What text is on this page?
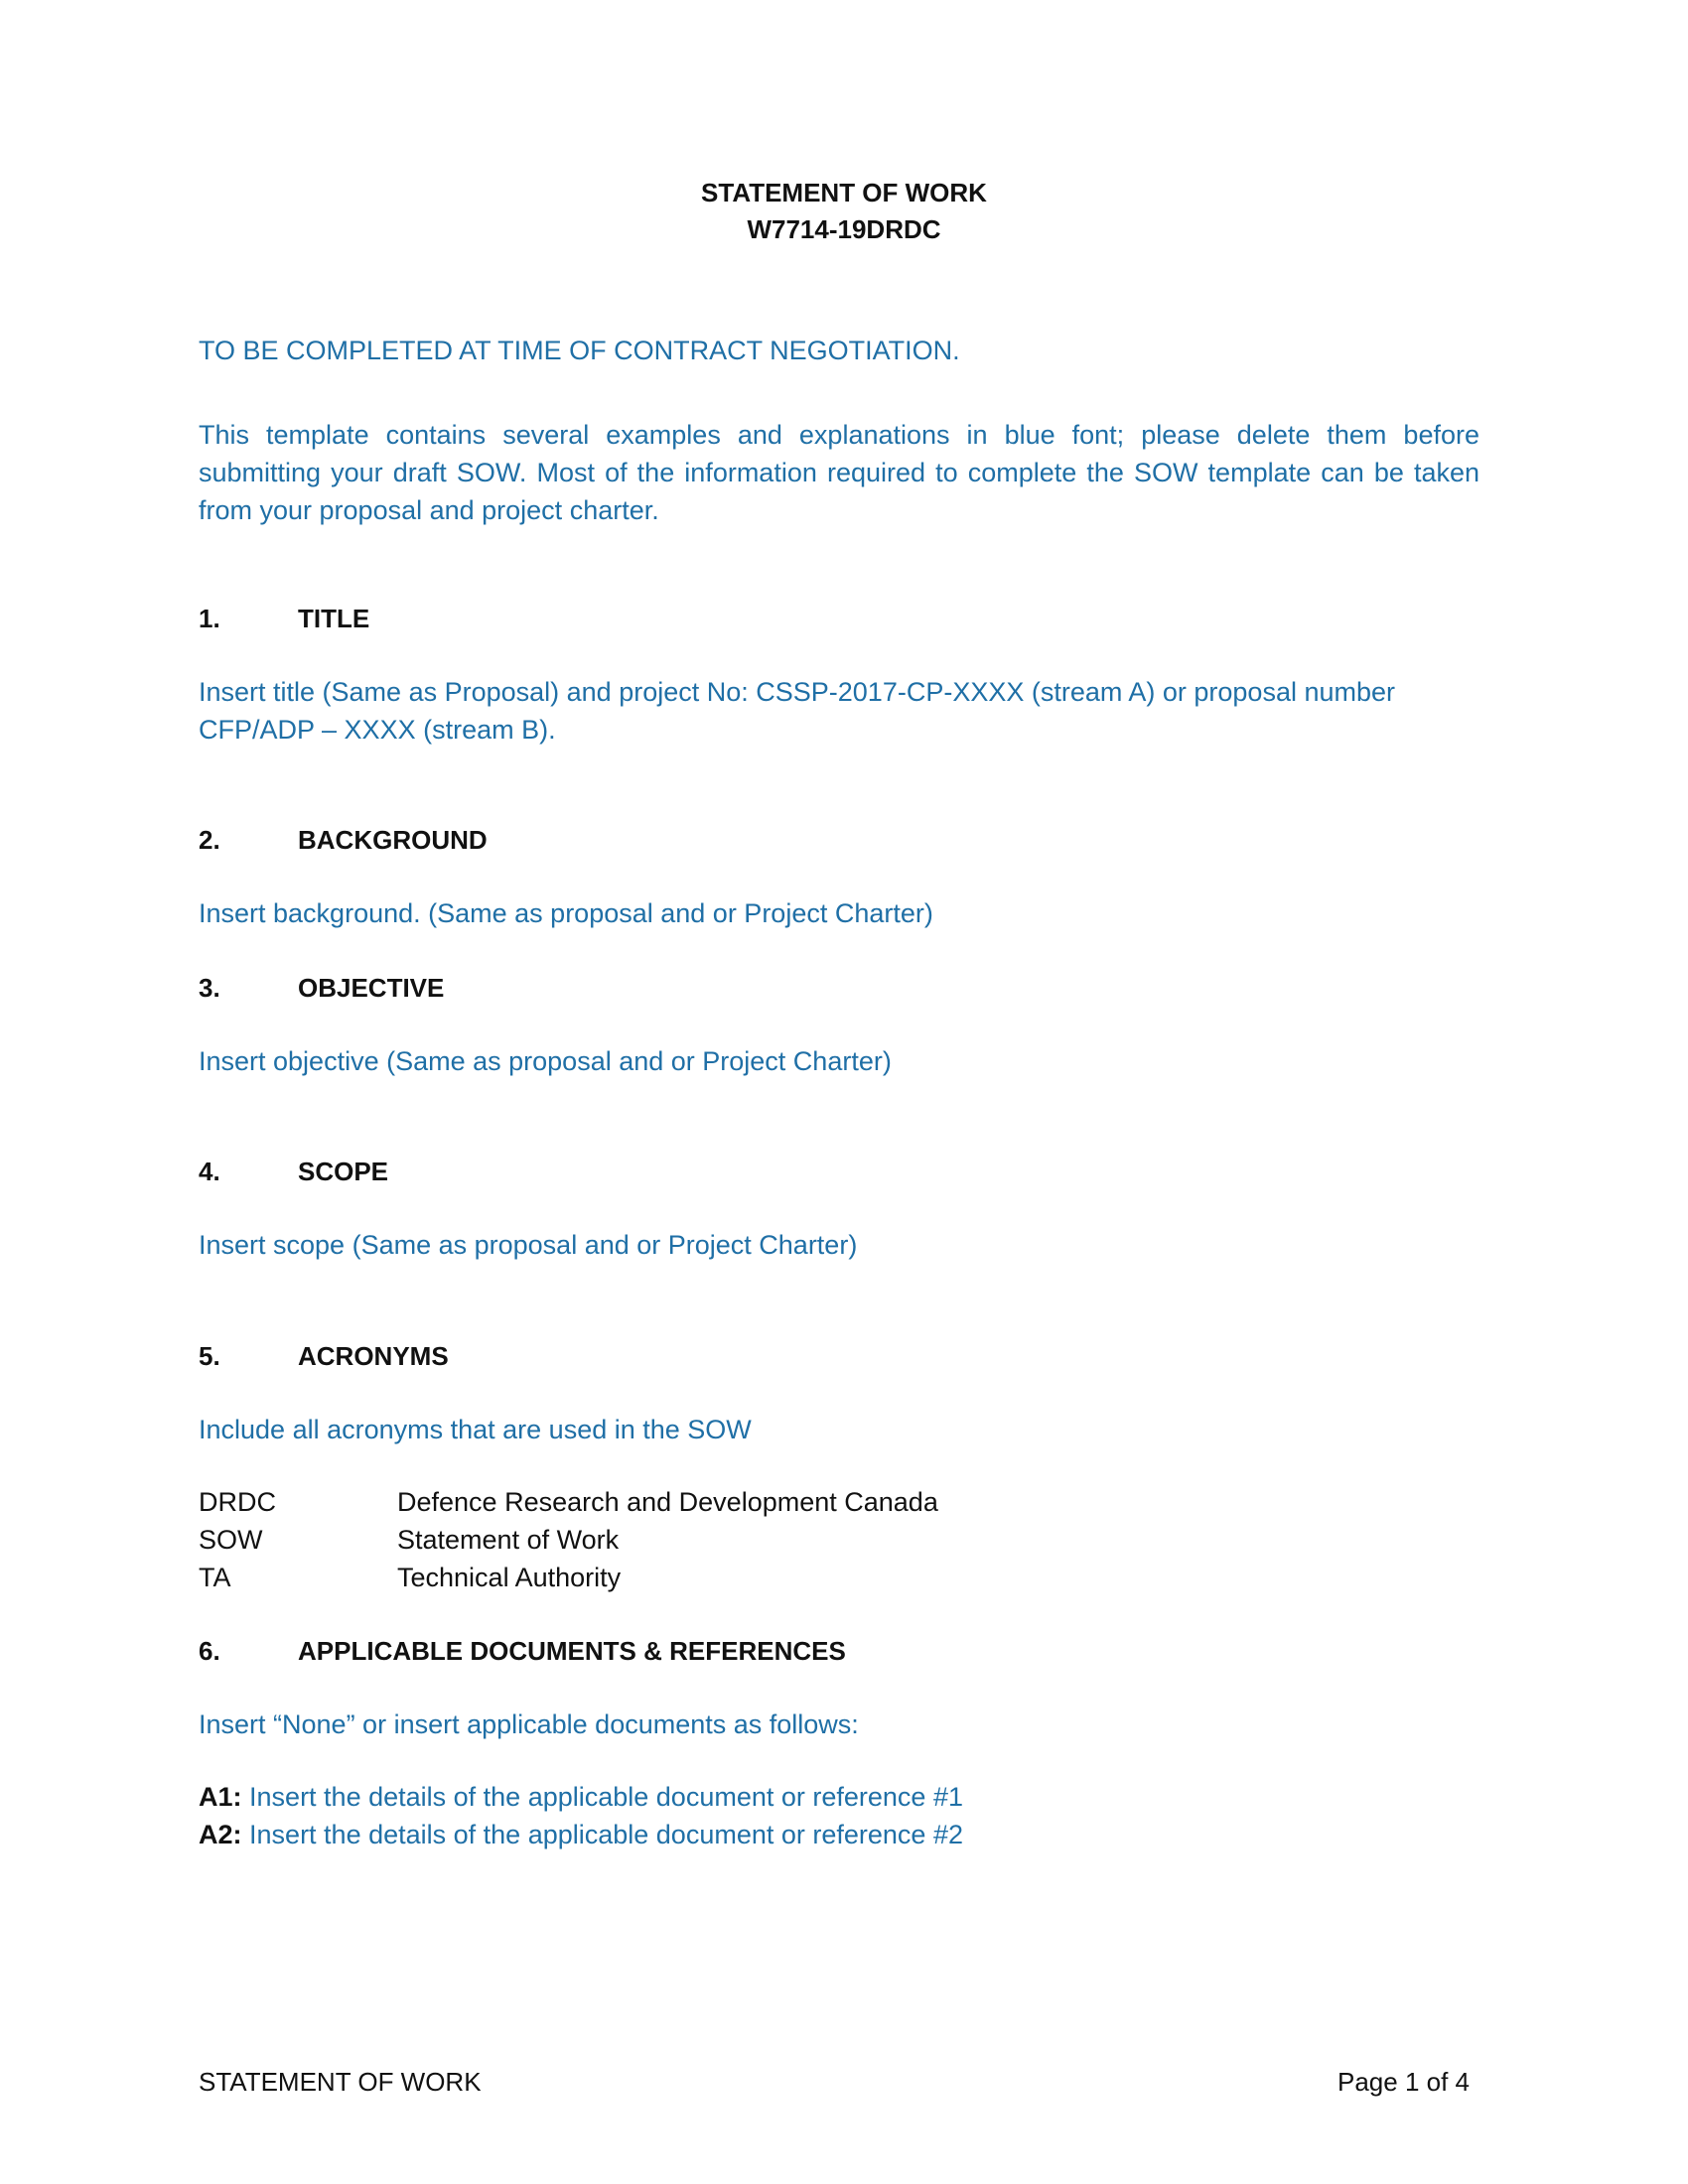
STATEMENT OF WORK
W7714-19DRDC
TO BE COMPLETED AT TIME OF CONTRACT NEGOTIATION.
This template contains several examples and explanations in blue font; please delete them before submitting your draft SOW. Most of the information required to complete the SOW template can be taken from your proposal and project charter.
1.	TITLE
Insert title (Same as Proposal) and project No: CSSP-2017-CP-XXXX (stream A) or proposal number
CFP/ADP – XXXX (stream B).
2.	BACKGROUND
Insert background. (Same as proposal and or Project Charter)
3.	OBJECTIVE
Insert objective (Same as proposal and or Project Charter)
4.	SCOPE
Insert scope (Same as proposal and or Project Charter)
5.	ACRONYMS
Include all acronyms that are used in the SOW
DRDC	Defence Research and Development Canada
SOW	Statement of Work
TA	Technical Authority
6.	APPLICABLE DOCUMENTS & REFERENCES
Insert “None” or insert applicable documents as follows:
A1: Insert the details of the applicable document or reference #1
A2: Insert the details of the applicable document or reference #2
STATEMENT OF WORK	Page 1 of 4
